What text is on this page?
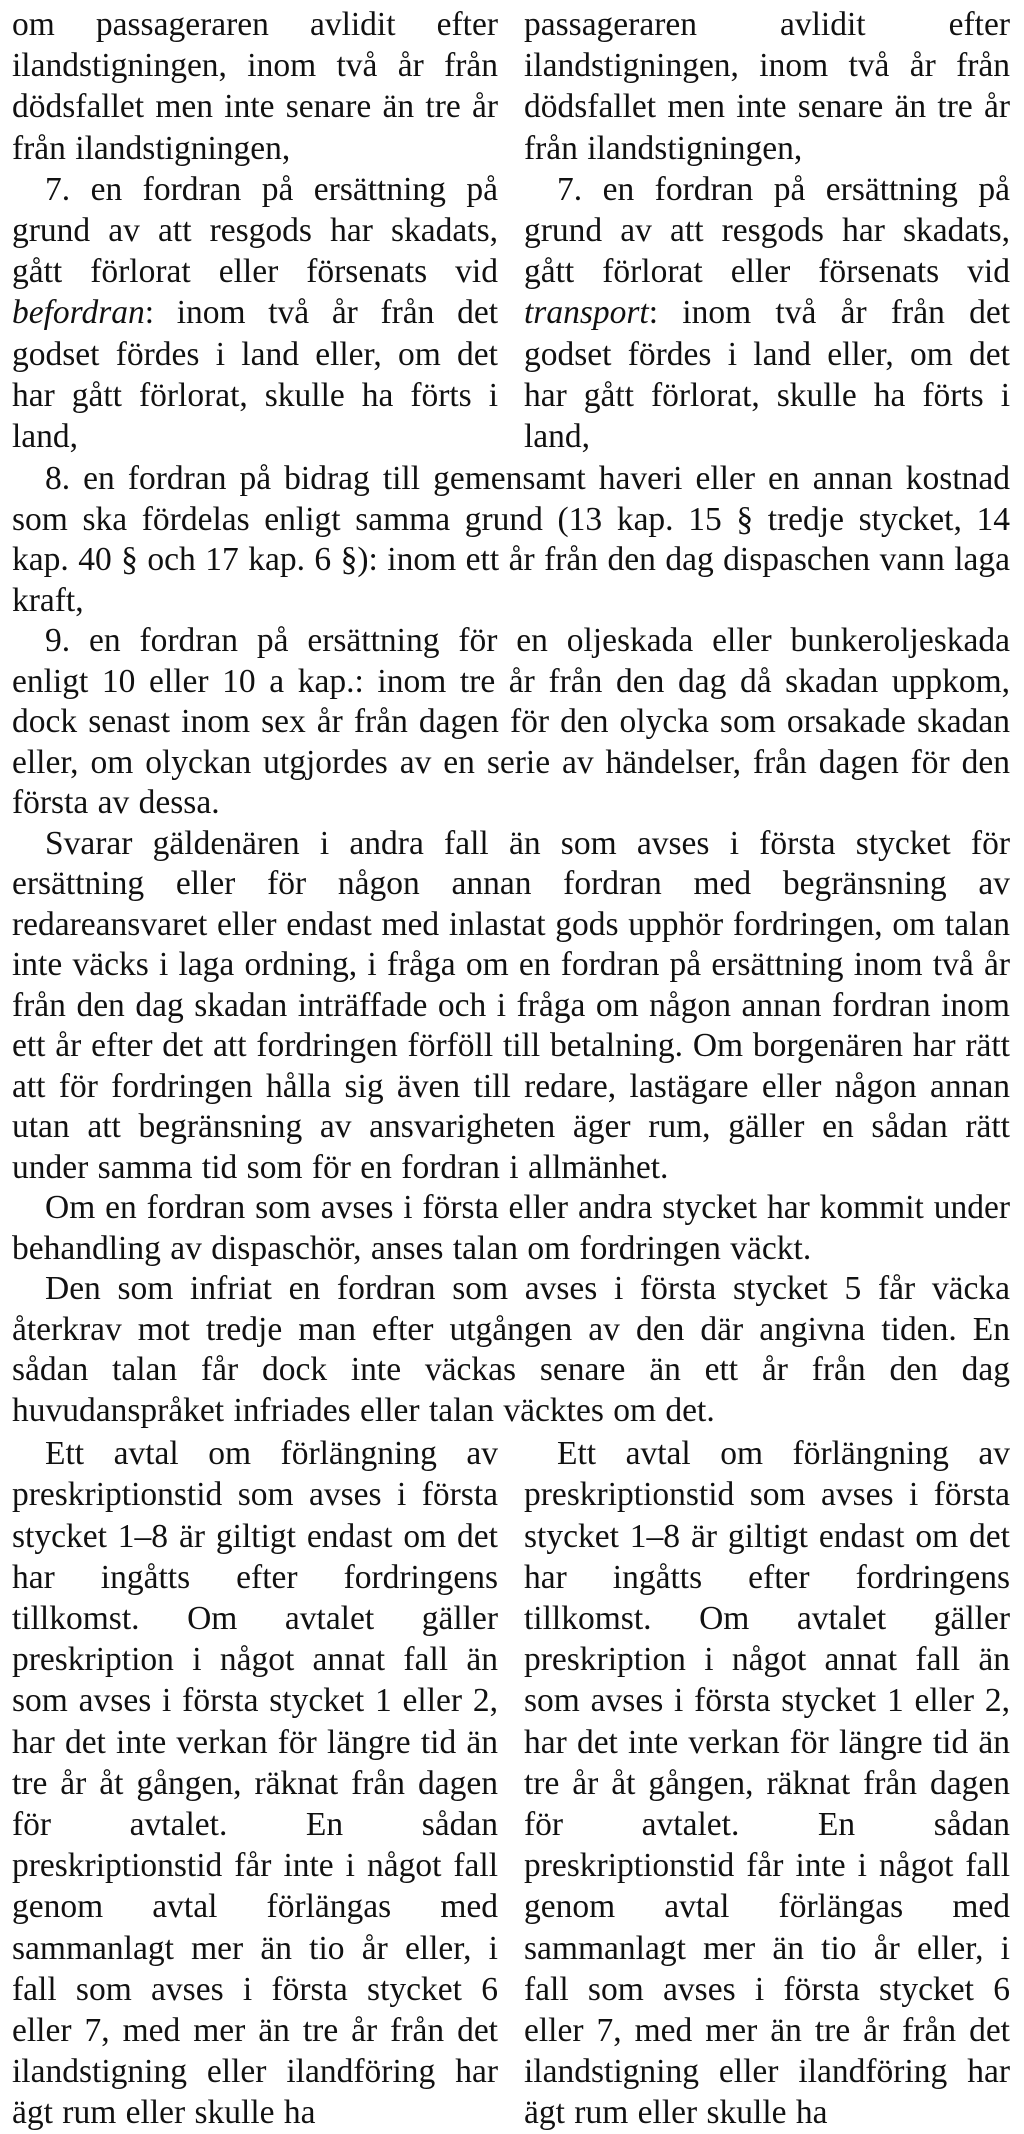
om passageraren avlidit efter ilandstigningen, inom två år från dödsfallet men inte senare än tre år från ilandstigningen,

7. en fordran på ersättning på grund av att resgods har skadats, gått förlorat eller försenats vid befordran: inom två år från det godset fördes i land eller, om det har gått förlorat, skulle ha förts i land,

passageraren avlidit efter ilandstigningen, inom två år från dödsfallet men inte senare än tre år från ilandstigningen,

7. en fordran på ersättning på grund av att resgods har skadats, gått förlorat eller försenats vid transport: inom två år från det godset fördes i land eller, om det har gått förlorat, skulle ha förts i land,

8. en fordran på bidrag till gemensamt haveri eller en annan kostnad som ska fördelas enligt samma grund (13 kap. 15 § tredje stycket, 14 kap. 40 § och 17 kap. 6 §): inom ett år från den dag dispaschen vann laga kraft,

9. en fordran på ersättning för en oljeskada eller bunkeroljeskada enligt 10 eller 10 a kap.: inom tre år från den dag då skadan uppkom, dock senast inom sex år från dagen för den olycka som orsakade skadan eller, om olyckan utgjordes av en serie av händelser, från dagen för den första av dessa.

Svarar gäldenären i andra fall än som avses i första stycket för ersättning eller för någon annan fordran med begränsning av redareansvaret eller endast med inlastat gods upphör fordringen, om talan inte väcks i laga ordning, i fråga om en fordran på ersättning inom två år från den dag skadan inträffade och i fråga om någon annan fordran inom ett år efter det att fordringen förföll till betalning. Om borgenären har rätt att för fordringen hålla sig även till redare, lastägare eller någon annan utan att begränsning av ansvarigheten äger rum, gäller en sådan rätt under samma tid som för en fordran i allmänhet.

Om en fordran som avses i första eller andra stycket har kommit under behandling av dispaschör, anses talan om fordringen väckt.

Den som infriat en fordran som avses i första stycket 5 får väcka återkrav mot tredje man efter utgången av den där angivna tiden. En sådan talan får dock inte väckas senare än ett år från den dag huvudanspråket infriades eller talan väcktes om det.

Ett avtal om förlängning av preskriptionstid som avses i första stycket 1–8 är giltigt endast om det har ingåtts efter fordringens tillkomst. Om avtalet gäller preskription i något annat fall än som avses i första stycket 1 eller 2, har det inte verkan för längre tid än tre år åt gången, räknat från dagen för avtalet. En sådan preskriptionstid får inte i något fall genom avtal förlängas med sammanlagt mer än tio år eller, i fall som avses i första stycket 6 eller 7, med mer än tre år från det ilandstigning eller ilandföring har ägt rum eller skulle ha

Ett avtal om förlängning av preskriptionstid som avses i första stycket 1–8 är giltigt endast om det har ingåtts efter fordringens tillkomst. Om avtalet gäller preskription i något annat fall än som avses i första stycket 1 eller 2, har det inte verkan för längre tid än tre år åt gången, räknat från dagen för avtalet. En sådan preskriptionstid får inte i något fall genom avtal förlängas med sammanlagt mer än tio år eller, i fall som avses i första stycket 6 eller 7, med mer än tre år från det ilandstigning eller ilandföring har ägt rum eller skulle ha
